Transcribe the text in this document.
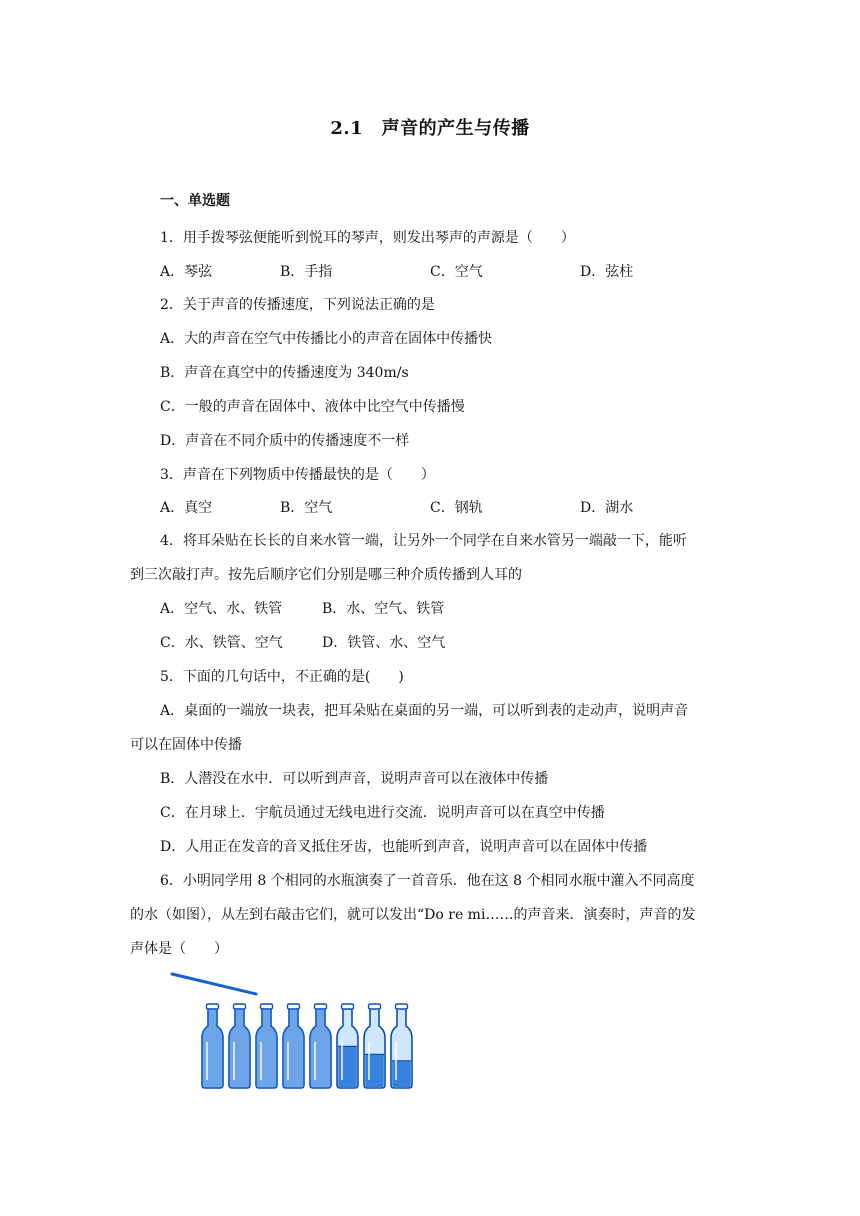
2.1　声音的产生与传播
一、单选题
1．用手拨琴弦便能听到悦耳的琴声，则发出琴声的声源是（　　）
A．琴弦	B．手指	C．空气	D．弦柱
2．关于声音的传播速度，下列说法正确的是
A．大的声音在空气中传播比小的声音在固体中传播快
B．声音在真空中的传播速度为 340m/s
C．一般的声音在固体中、液体中比空气中传播慢
D．声音在不同介质中的传播速度不一样
3．声音在下列物质中传播最快的是（　　）
A．真空	B．空气	C．钢轨	D．湖水
4．将耳朵贴在长长的自来水管一端，让另外一个同学在自来水管另一端敲一下，能听
到三次敲打声。按先后顺序它们分别是哪三种介质传播到人耳的
A．空气、水、铁管	B．水、空气、铁管
C．水、铁管、空气	D．铁管、水、空气
5．下面的几句话中，不正确的是(　　)
A．桌面的一端放一块表，把耳朵贴在桌面的另一端，可以听到表的走动声，说明声音
可以在固体中传播
B．人潜没在水中．可以听到声音，说明声音可以在液体中传播
C．在月球上．宇航员通过无线电进行交流．说明声音可以在真空中传播
D．人用正在发音的音叉抵住牙齿，也能听到声音，说明声音可以在固体中传播
6．小明同学用 8 个相同的水瓶演奏了一首音乐．他在这 8 个相同水瓶中灌入不同高度
的水（如图），从左到右敲击它们，就可以发出“Do re mi……的声音来．演奏时，声音的发
声体是（　　）
